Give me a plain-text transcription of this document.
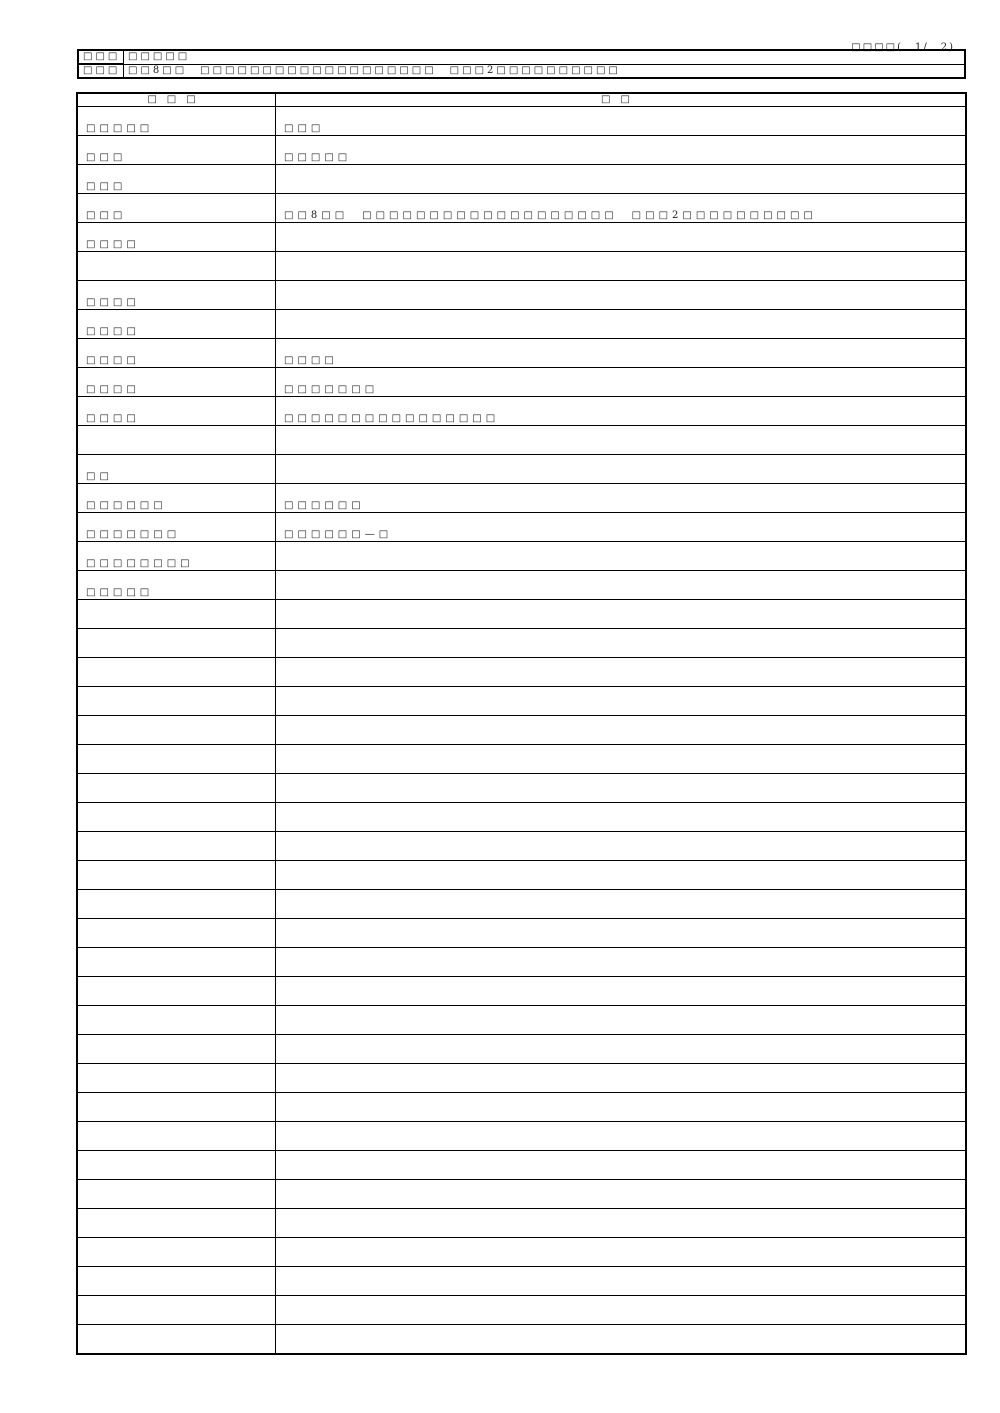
□□□□(　1/　2)
□□□	□□□□□
□□□	□□8□□　□□□□□□□□□□□□□□□□□□□　□□□2□□□□□□□□□□
□□□	□□
□□□□□	□□□
□□□	□□□□□
□□□	
□□□	□□8□□　□□□□□□□□□□□□□□□□□□□　□□□2□□□□□□□□□□
□□□□	

□□□□	
□□□□	
□□□□	□□□□
□□□□	□□□□□□□
□□□□	□□□□□□□□□□□□□□□□

□□	
□□□□□□	□□□□□□
□□□□□□□	□□□□□□—□
□□□□□□□□	
□□□□□	
